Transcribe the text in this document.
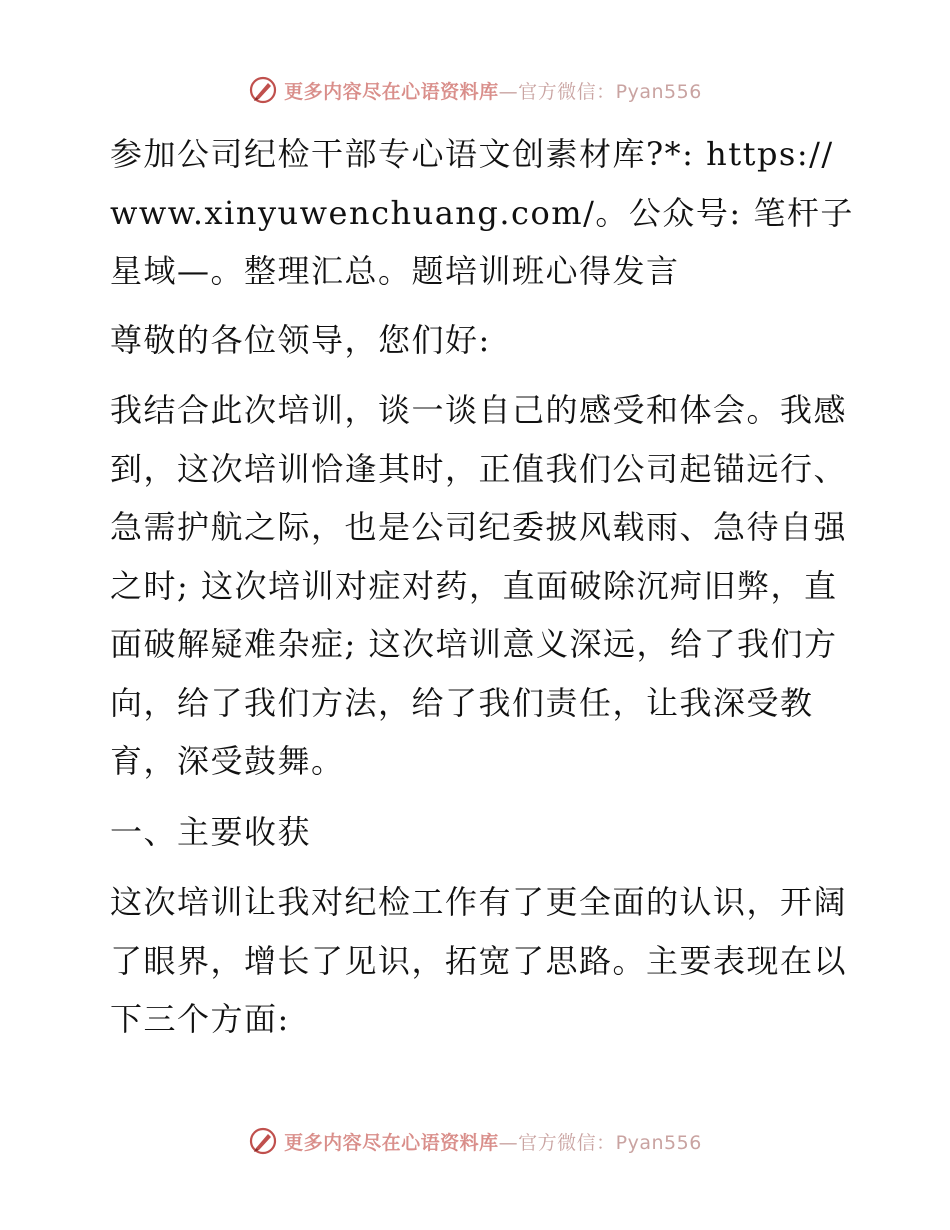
更多内容尽在心语资料库—官方微信：Pyan556

参加公司纪检干部专心语文创素材库?*: https://www.xinyuwenchuang.com/。公众号: 笔杆子星域—。整理汇总。题培训班心得发言

尊敬的各位领导，您们好:

我结合此次培训，谈一谈自己的感受和体会。我感到，这次培训恰逢其时，正值我们公司起锚远行、急需护航之际，也是公司纪委披风载雨、急待自强之时; 这次培训对症对药，直面破除沉疴旧弊，直面破解疑难杂症; 这次培训意义深远，给了我们方向，给了我们方法，给了我们责任，让我深受教育，深受鼓舞。

一、主要收获

这次培训让我对纪检工作有了更全面的认识，开阔了眼界，增长了见识，拓宽了思路。主要表现在以下三个方面:

更多内容尽在心语资料库—官方微信：Pyan556
